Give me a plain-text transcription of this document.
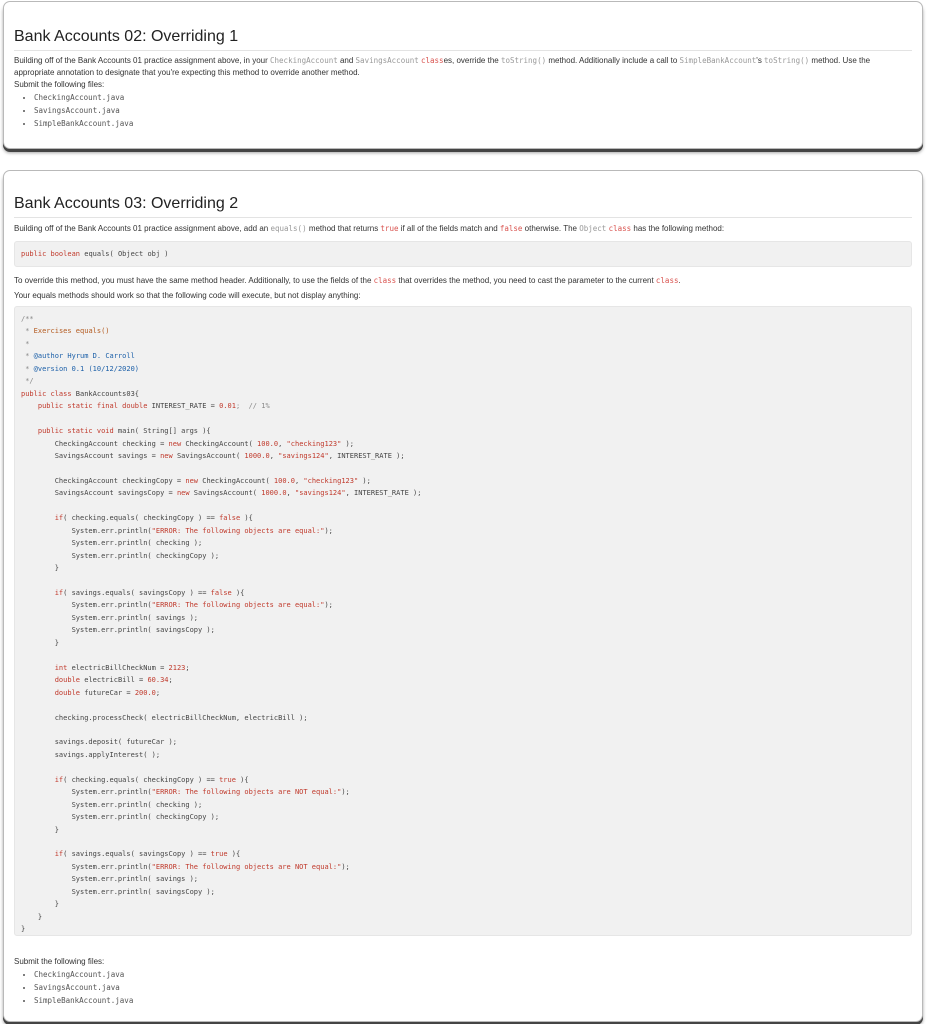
Bank Accounts 02: Overriding 1

Building off of the Bank Accounts 01 practice assignment above, in your CheckingAccount and SavingsAccount classes, override the toString() method. Additionally include a call to SimpleBankAccount's toString() method. Use the appropriate annotation to designate that you're expecting this method to override another method.

Submit the following files:

• CheckingAccount.java
• SavingsAccount.java
• SimpleBankAccount.java
Bank Accounts 03: Overriding 2

Building off of the Bank Accounts 01 practice assignment above, add an equals() method that returns true if all of the fields match and false otherwise. The Object class has the following method:

public boolean equals( Object obj )

To override this method, you must have the same method header. Additionally, to use the fields of the class that overrides the method, you need to cast the parameter to the current class.

Your equals methods should work so that the following code will execute, but not display anything:

/**
* Exercises equals()
*
* @author Hyrum D. Carroll
* @version 0.1 (10/12/2020)
*/
public class BankAccounts03{
public static final double INTEREST_RATE = 0.01;  // 1%

public static void main( String[] args ){
CheckingAccount checking = new CheckingAccount( 100.0, "checking123" );
SavingsAccount savings = new SavingsAccount( 1000.0, "savings124", INTEREST_RATE );

CheckingAccount checkingCopy = new CheckingAccount( 100.0, "checking123" );
SavingsAccount savingsCopy = new SavingsAccount( 1000.0, "savings124", INTEREST_RATE );

if( checking.equals( checkingCopy ) == false ){
System.err.println("ERROR: The following objects are equal:");
System.err.println( checking );
System.err.println( checkingCopy );
}

if( savings.equals( savingsCopy ) == false ){
System.err.println("ERROR: The following objects are equal:");
System.err.println( savings );
System.err.println( savingsCopy );
}

int electricBillCheckNum = 2123;
double electricBill = 60.34;
double futureCar = 200.0;

checking.processCheck( electricBillCheckNum, electricBill );

savings.deposit( futureCar );
savings.applyInterest( );

if( checking.equals( checkingCopy ) == true ){
System.err.println("ERROR: The following objects are NOT equal:");
System.err.println( checking );
System.err.println( checkingCopy );
}

if( savings.equals( savingsCopy ) == true ){
System.err.println("ERROR: The following objects are NOT equal:");
System.err.println( savings );
System.err.println( savingsCopy );
}
}
}

Submit the following files:

• CheckingAccount.java
• SavingsAccount.java
• SimpleBankAccount.java
